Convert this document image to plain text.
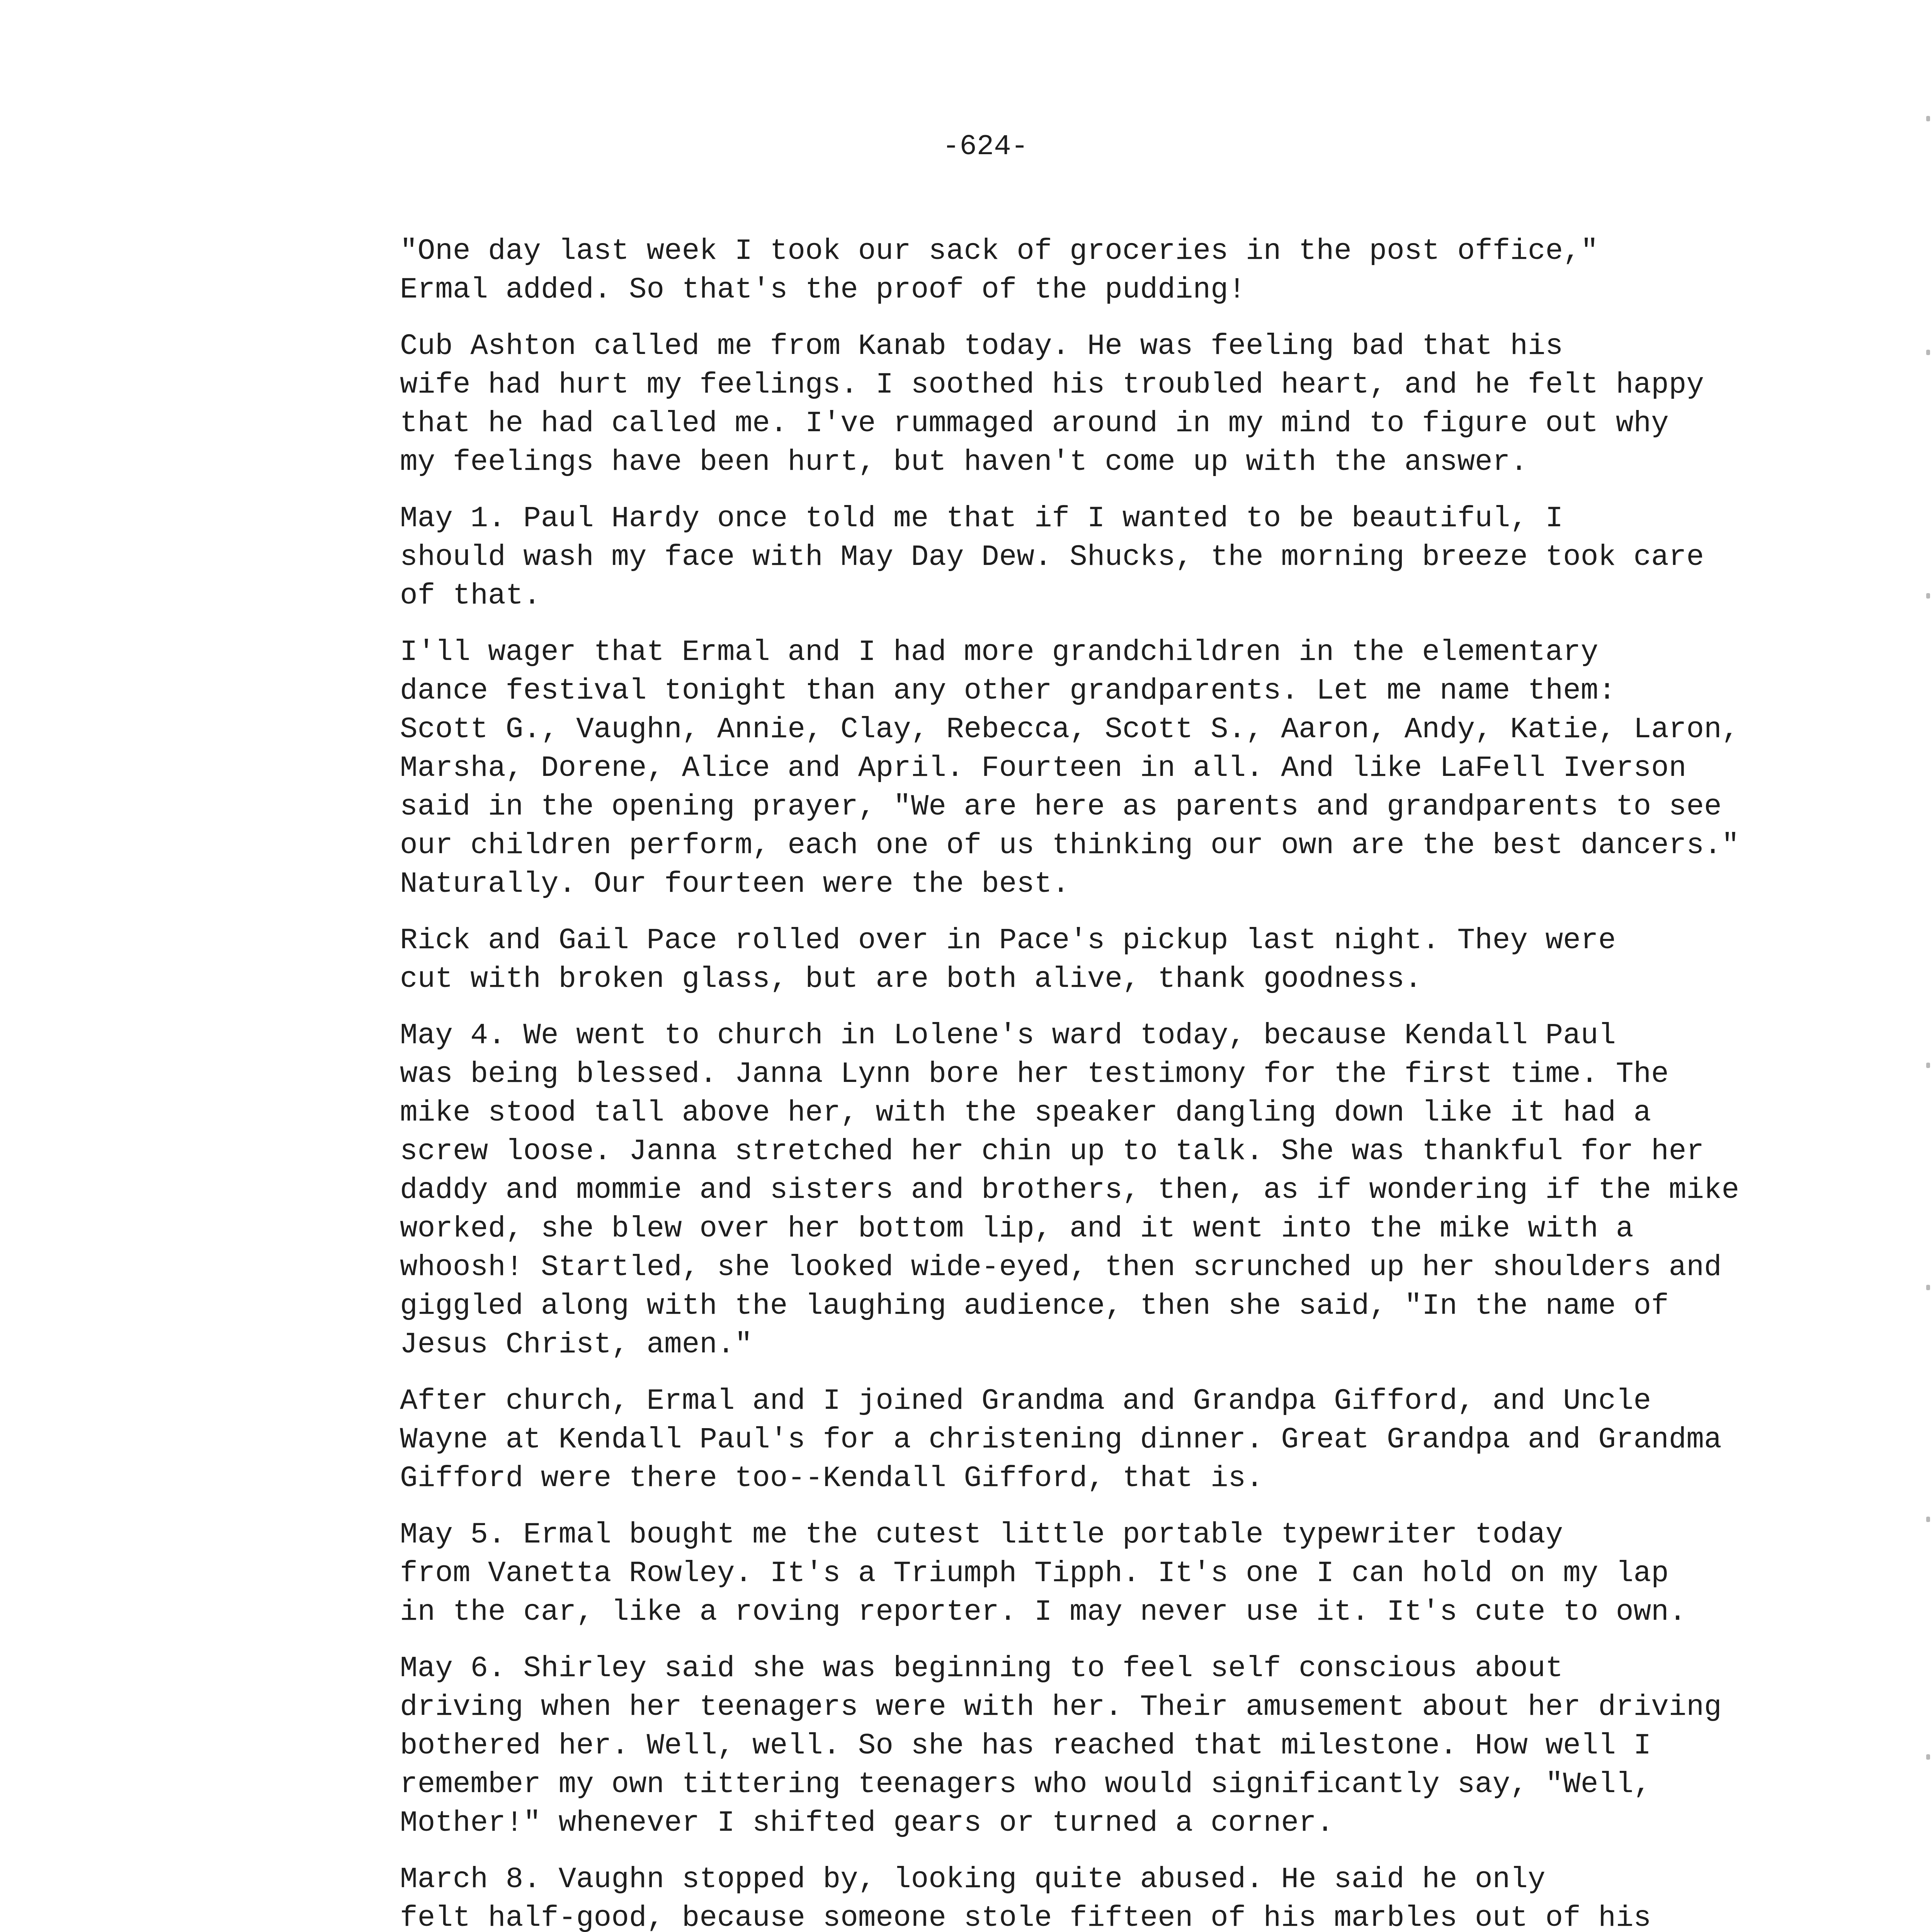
-624-

"One day last week I took our sack of groceries in the post office,"
Ermal added. So that's the proof of the pudding!

Cub Ashton called me from Kanab today. He was feeling bad that his
wife had hurt my feelings. I soothed his troubled heart, and he felt happy
that he had called me. I've rummaged around in my mind to figure out why
my feelings have been hurt, but haven't come up with the answer.

May 1. Paul Hardy once told me that if I wanted to be beautiful, I
should wash my face with May Day Dew. Shucks, the morning breeze took care
of that.

I'll wager that Ermal and I had more grandchildren in the elementary
dance festival tonight than any other grandparents. Let me name them:
Scott G., Vaughn, Annie, Clay, Rebecca, Scott S., Aaron, Andy, Katie, Laron,
Marsha, Dorene, Alice and April. Fourteen in all. And like LaFell Iverson
said in the opening prayer, "We are here as parents and grandparents to see
our children perform, each one of us thinking our own are the best dancers."
Naturally. Our fourteen were the best.

Rick and Gail Pace rolled over in Pace's pickup last night. They were
cut with broken glass, but are both alive, thank goodness.

May 4. We went to church in Lolene's ward today, because Kendall Paul
was being blessed. Janna Lynn bore her testimony for the first time. The
mike stood tall above her, with the speaker dangling down like it had a
screw loose. Janna stretched her chin up to talk. She was thankful for her
daddy and mommie and sisters and brothers, then, as if wondering if the mike
worked, she blew over her bottom lip, and it went into the mike with a
whoosh! Startled, she looked wide-eyed, then scrunched up her shoulders and
giggled along with the laughing audience, then she said, "In the name of
Jesus Christ, amen."

After church, Ermal and I joined Grandma and Grandpa Gifford, and Uncle
Wayne at Kendall Paul's for a christening dinner. Great Grandpa and Grandma
Gifford were there too--Kendall Gifford, that is.

May 5. Ermal bought me the cutest little portable typewriter today
from Vanetta Rowley. It's a Triumph Tipph. It's one I can hold on my lap
in the car, like a roving reporter. I may never use it. It's cute to own.

May 6. Shirley said she was beginning to feel self conscious about
driving when her teenagers were with her. Their amusement about her driving
bothered her. Well, well. So she has reached that milestone. How well I
remember my own tittering teenagers who would significantly say, "Well,
Mother!" whenever I shifted gears or turned a corner.

March 8. Vaughn stopped by, looking quite abused. He said he only
felt half-good, because someone stole fifteen of his marbles out of his
